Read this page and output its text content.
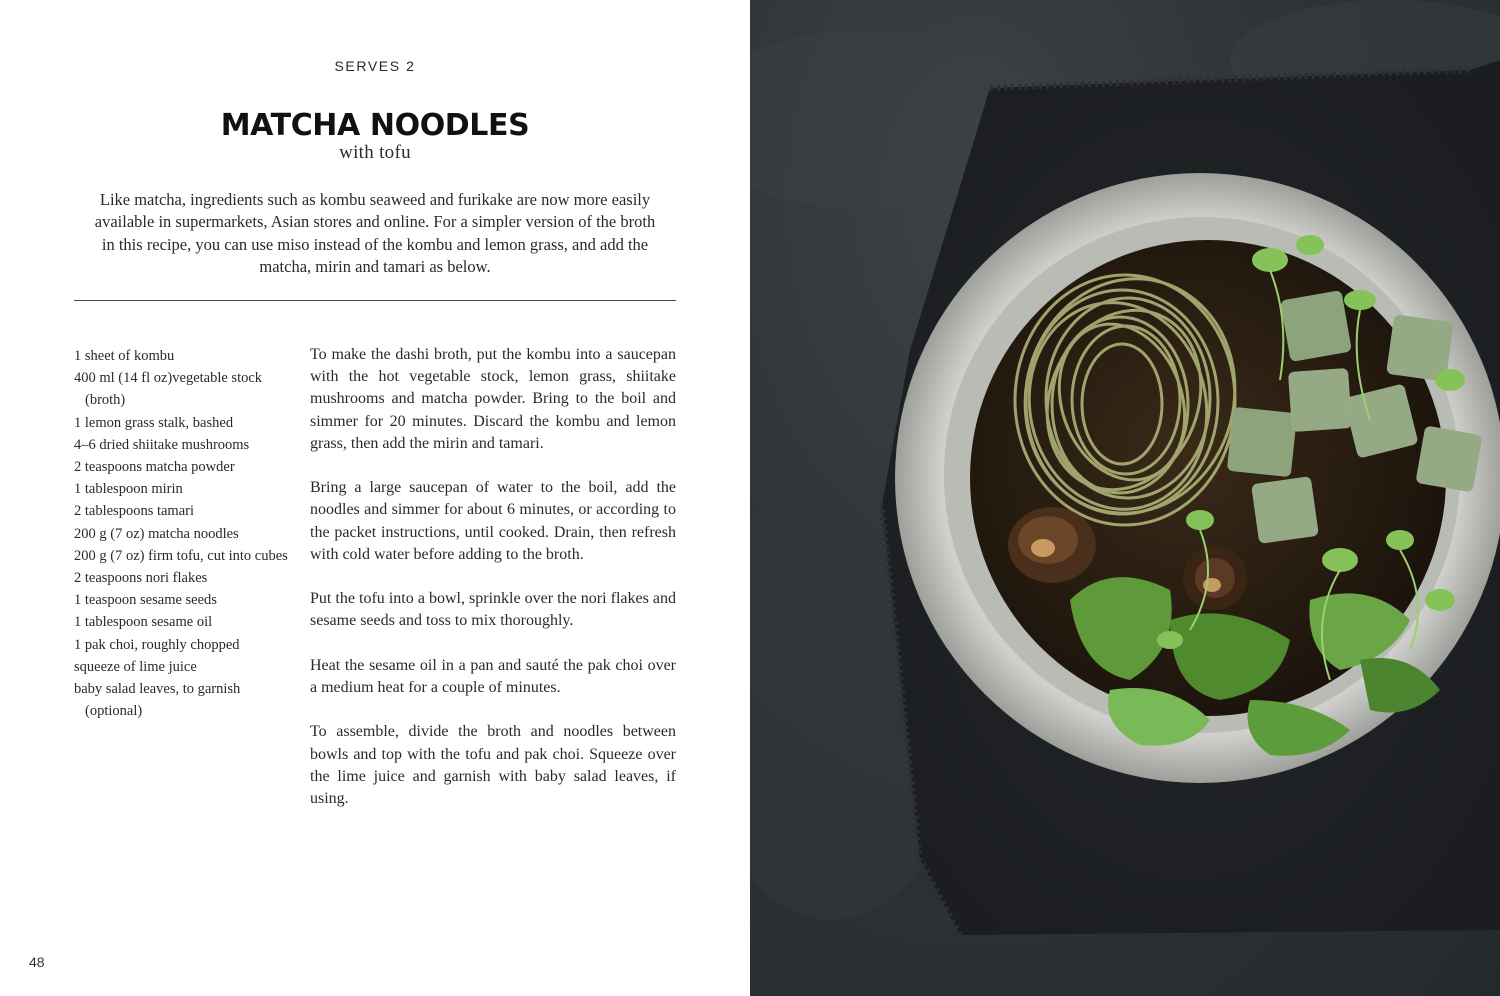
SERVES 2
MATCHA NOODLES
with tofu
Like matcha, ingredients such as kombu seaweed and furikake are now more easily
available in supermarkets, Asian stores and online. For a simpler version of the broth
in this recipe, you can use miso instead of the kombu and lemon grass, and add the
matcha, mirin and tamari as below.
1 sheet of kombu
400 ml (14 fl oz)vegetable stock (broth)
1 lemon grass stalk, bashed
4–6 dried shiitake mushrooms
2 teaspoons matcha powder
1 tablespoon mirin
2 tablespoons tamari
200 g (7 oz) matcha noodles
200 g (7 oz) firm tofu, cut into cubes
2 teaspoons nori flakes
1 teaspoon sesame seeds
1 tablespoon sesame oil
1 pak choi, roughly chopped
squeeze of lime juice
baby salad leaves, to garnish (optional)

To make the dashi broth, put the kombu into a saucepan with the hot vegetable stock, lemon grass, shiitake mushrooms and matcha powder. Bring to the boil and simmer for 20 minutes. Discard the kombu and lemon grass, then add the mirin and tamari.

Bring a large saucepan of water to the boil, add the noodles and simmer for about 6 minutes, or according to the packet instructions, until cooked. Drain, then refresh with cold water before adding to the broth.

Put the tofu into a bowl, sprinkle over the nori flakes and sesame seeds and toss to mix thoroughly.

Heat the sesame oil in a pan and sauté the pak choi over a medium heat for a couple of minutes.

To assemble, divide the broth and noodles between bowls and top with the tofu and pak choi. Squeeze over the lime juice and garnish with baby salad leaves, if using.

48
